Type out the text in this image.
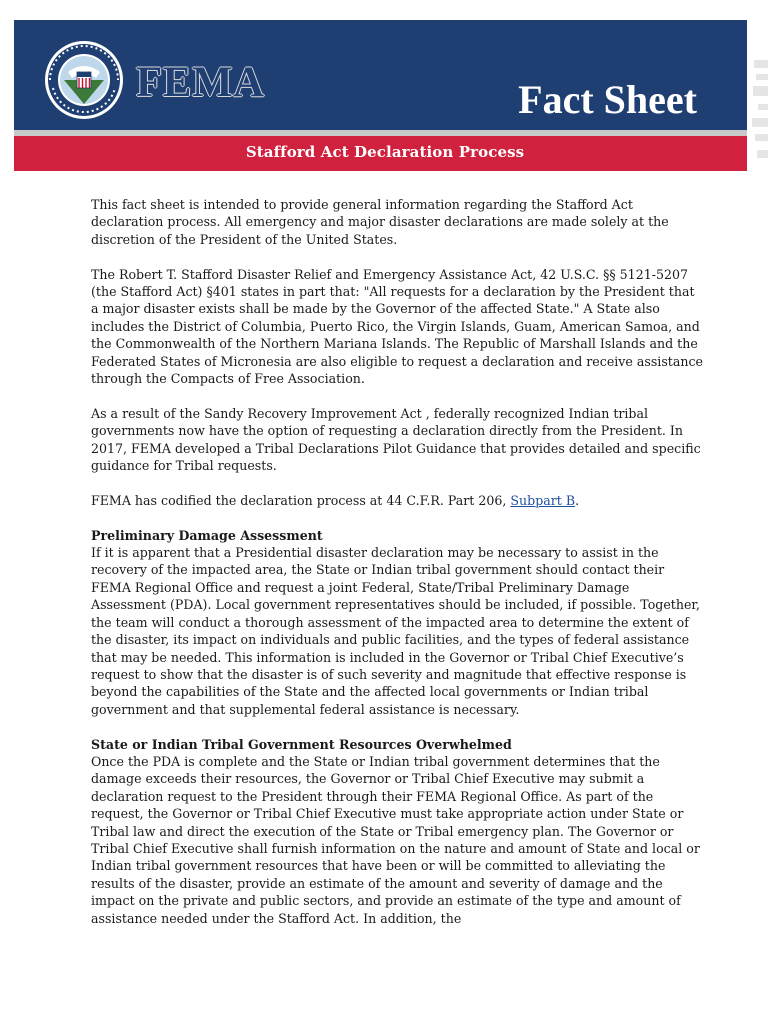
FEMA	Fact Sheet
Stafford Act Declaration Process

This fact sheet is intended to provide general information regarding the Stafford Act declaration process. All emergency and major disaster declarations are made solely at the discretion of the President of the United States.

The Robert T. Stafford Disaster Relief and Emergency Assistance Act, 42 U.S.C. §§ 5121-5207 (the Stafford Act) §401 states in part that: "All requests for a declaration by the President that a major disaster exists shall be made by the Governor of the affected State." A State also includes the District of Columbia, Puerto Rico, the Virgin Islands, Guam, American Samoa, and the Commonwealth of the Northern Mariana Islands. The Republic of Marshall Islands and the Federated States of Micronesia are also eligible to request a declaration and receive assistance through the Compacts of Free Association.

As a result of the Sandy Recovery Improvement Act , federally recognized Indian tribal governments now have the option of requesting a declaration directly from the President. In 2017, FEMA developed a Tribal Declarations Pilot Guidance that provides detailed and specific guidance for Tribal requests.

FEMA has codified the declaration process at 44 C.F.R. Part 206, Subpart B.

Preliminary Damage Assessment

If it is apparent that a Presidential disaster declaration may be necessary to assist in the recovery of the impacted area, the State or Indian tribal government should contact their FEMA Regional Office and request a joint Federal, State/Tribal Preliminary Damage Assessment (PDA). Local government representatives should be included, if possible. Together, the team will conduct a thorough assessment of the impacted area to determine the extent of the disaster, its impact on individuals and public facilities, and the types of federal assistance that may be needed. This information is included in the Governor or Tribal Chief Executive’s request to show that the disaster is of such severity and magnitude that effective response is beyond the capabilities of the State and the affected local governments or Indian tribal government and that supplemental federal assistance is necessary.

State or Indian Tribal Government Resources Overwhelmed

Once the PDA is complete and the State or Indian tribal government determines that the damage exceeds their resources, the Governor or Tribal Chief Executive may submit a declaration request to the President through their FEMA Regional Office. As part of the request, the Governor or Tribal Chief Executive must take appropriate action under State or Tribal law and direct the execution of the State or Tribal emergency plan. The Governor or Tribal Chief Executive shall furnish information on the nature and amount of State and local or Indian tribal government resources that have been or will be committed to alleviating the results of the disaster, provide an estimate of the amount and severity of damage and the impact on the private and public sectors, and provide an estimate of the type and amount of assistance needed under the Stafford Act. In addition, the
